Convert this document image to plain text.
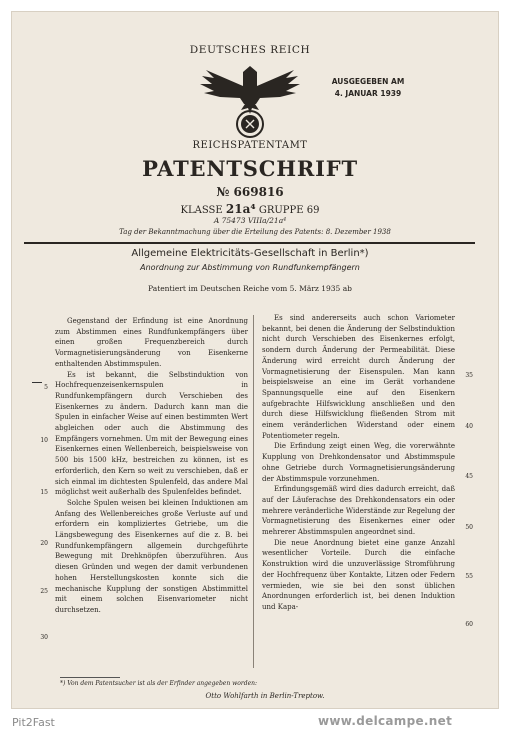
DEUTSCHES REICH
AUSGEGEBEN AM
4. JANUAR 1939
REICHSPATENTAMT
PATENTSCHRIFT
№ 669816
KLASSE 21a⁴ GRUPPE 69
A 75473 VIIIa/21a⁴
Tag der Bekanntmachung über die Erteilung des Patents: 8. Dezember 1938
Allgemeine Elektricitäts-Gesellschaft in Berlin*)
Anordnung zur Abstimmung von Rundfunkempfängern
Patentiert im Deutschen Reiche vom 5. März 1935 ab

Gegenstand der Erfindung ist eine Anordnung zum Abstimmen eines Rundfunkempfängers über einen großen Frequenzbereich durch Vormagnetisierungsänderung von Eisenkerne enthaltenden Abstimmspulen.

Es ist bekannt, die Selbstinduktion von Hochfrequenzeisenkernspulen in Rundfunkempfängern durch Verschieben des Eisenkernes zu ändern. Dadurch kann man die Spulen in einfacher Weise auf einen bestimmten Wert abgleichen oder auch die Abstimmung des Empfängers vornehmen. Um mit der Bewegung eines Eisenkernes einen Wellenbereich, beispielsweise von 500 bis 1500 kHz, bestreichen zu können, ist es erforderlich, den Kern so weit zu verschieben, daß er sich einmal im dichtesten Spulenfeld, das andere Mal möglichst weit außerhalb des Spulenfeldes befindet.

Solche Spulen weisen bei kleinen Induktionen am Anfang des Wellenbereiches große Verluste auf und erfordern ein kompliziertes Getriebe, um die Längsbewegung des Eisenkernes auf die z. B. bei Rundfunkempfängern allgemein durchgeführte Bewegung mit Drehknöpfen überzuführen. Aus diesen Gründen und wegen der damit verbundenen hohen Herstellungskosten konnte sich die mechanische Kupplung der sonstigen Abstimmittel mit einem solchen Eisenvariometer nicht durchsetzen.

Es sind andererseits auch schon Variometer bekannt, bei denen die Änderung der Selbstinduktion nicht durch Verschieben des Eisenkernes erfolgt, sondern durch Änderung der Permeabilität. Diese Änderung wird erreicht durch Änderung der Vormagnetisierung der Eisenspulen. Man kann beispielsweise an eine im Gerät vorhandene Spannungsquelle eine auf den Eisenkern aufgebrachte Hilfswicklung anschließen und den durch diese Hilfswicklung fließenden Strom mit einem veränderlichen Widerstand oder einem Potentiometer regeln.

Die Erfindung zeigt einen Weg, die vorerwähnte Kupplung von Drehkondensator und Abstimmspule ohne Getriebe durch Vormagnetisierungsänderung der Abstimmspule vorzunehmen.

Erfindungsgemäß wird dies dadurch erreicht, daß auf der Läuferachse des Drehkondensators ein oder mehrere veränderliche Widerstände zur Regelung der Vormagnetisierung des Eisenkernes einer oder mehrerer Abstimmspulen angeordnet sind.

Die neue Anordnung bietet eine ganze Anzahl wesentlicher Vorteile. Durch die einfache Konstruktion wird die unzuverlässige Stromführung der Hochfrequenz über Kontakte, Litzen oder Federn vermieden, wie sie bei den sonst üblichen Anordnungen erforderlich ist, bei denen Induktion und Kapa-

5
10
15
20
25
30
35
40
45
50
55
60
*) Von dem Patentsucher ist als der Erfinder angegeben worden:
Otto Wohlfarth in Berlin-Treptow.
Pit2Fast	www.delcampe.net
